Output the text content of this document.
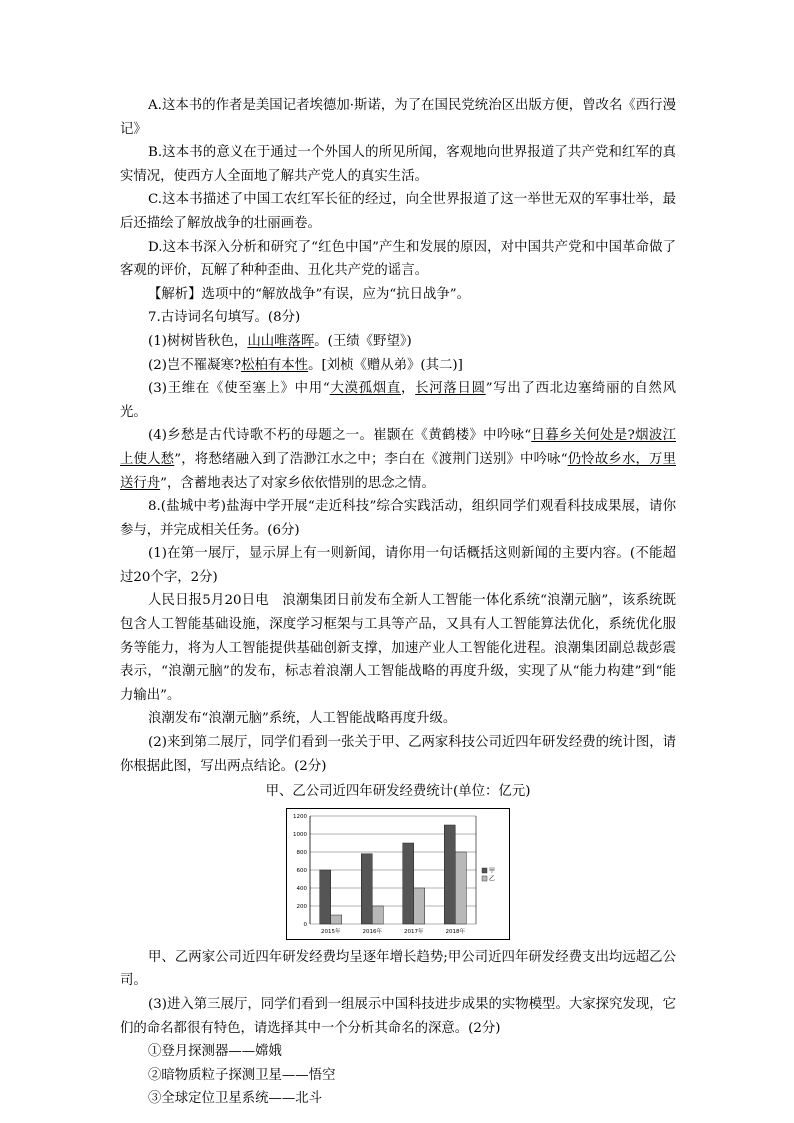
A.这本书的作者是美国记者埃德加·斯诺，为了在国民党统治区出版方便，曾改名《西行漫记》

B.这本书的意义在于通过一个外国人的所见所闻，客观地向世界报道了共产党和红军的真实情况，使西方人全面地了解共产党人的真实生活。

C.这本书描述了中国工农红军长征的经过，向全世界报道了这一举世无双的军事壮举，最后还描绘了解放战争的壮丽画卷。

D.这本书深入分析和研究了“红色中国”产生和发展的原因，对中国共产党和中国革命做了客观的评价，瓦解了种种歪曲、丑化共产党的谣言。

【解析】选项中的“解放战争”有误，应为“抗日战争”。

7.古诗词名句填写。(8分)

(1)树树皆秋色，山山唯落晖。(王绩《野望》)

(2)岂不罹凝寒?松柏有本性。[刘桢《赠从弟》(其二)]

(3)王维在《使至塞上》中用“大漠孤烟直，长河落日圆”写出了西北边塞绮丽的自然风光。

(4)乡愁是古代诗歌不朽的母题之一。崔颢在《黄鹤楼》中吟咏“日暮乡关何处是?烟波江上使人愁”，将愁绪融入到了浩渺江水之中；李白在《渡荆门送别》中吟咏“仍怜故乡水，万里送行舟”，含蓄地表达了对家乡依依惜别的思念之情。

8.(盐城中考)盐海中学开展“走近科技”综合实践活动，组织同学们观看科技成果展，请你参与，并完成相关任务。(6分)

(1)在第一展厅，显示屏上有一则新闻，请你用一句话概括这则新闻的主要内容。(不能超过20个字，2分)

人民日报5月20日电　浪潮集团日前发布全新人工智能一体化系统“浪潮元脑”，该系统既包含人工智能基础设施，深度学习框架与工具等产品，又具有人工智能算法优化，系统优化服务等能力，将为人工智能提供基础创新支撑，加速产业人工智能化进程。浪潮集团副总裁彭震表示，“浪潮元脑”的发布，标志着浪潮人工智能战略的再度升级，实现了从“能力构建”到“能力输出”。

浪潮发布“浪潮元脑”系统，人工智能战略再度升级。

(2)来到第二展厅，同学们看到一张关于甲、乙两家科技公司近四年研发经费的统计图，请你根据此图，写出两点结论。(2分)

甲、乙公司近四年研发经费统计(单位：亿元)
0
200
400
600
800
1000
1200
2015年	2016年	2017年	2018年
甲
乙

甲、乙两家公司近四年研发经费均呈逐年增长趋势;甲公司近四年研发经费支出均远超乙公司。

(3)进入第三展厅，同学们看到一组展示中国科技进步成果的实物模型。大家探究发现，它们的命名都很有特色，请选择其中一个分析其命名的深意。(2分)

①登月探测器——嫦娥

②暗物质粒子探测卫星——悟空

③全球定位卫星系统——北斗
